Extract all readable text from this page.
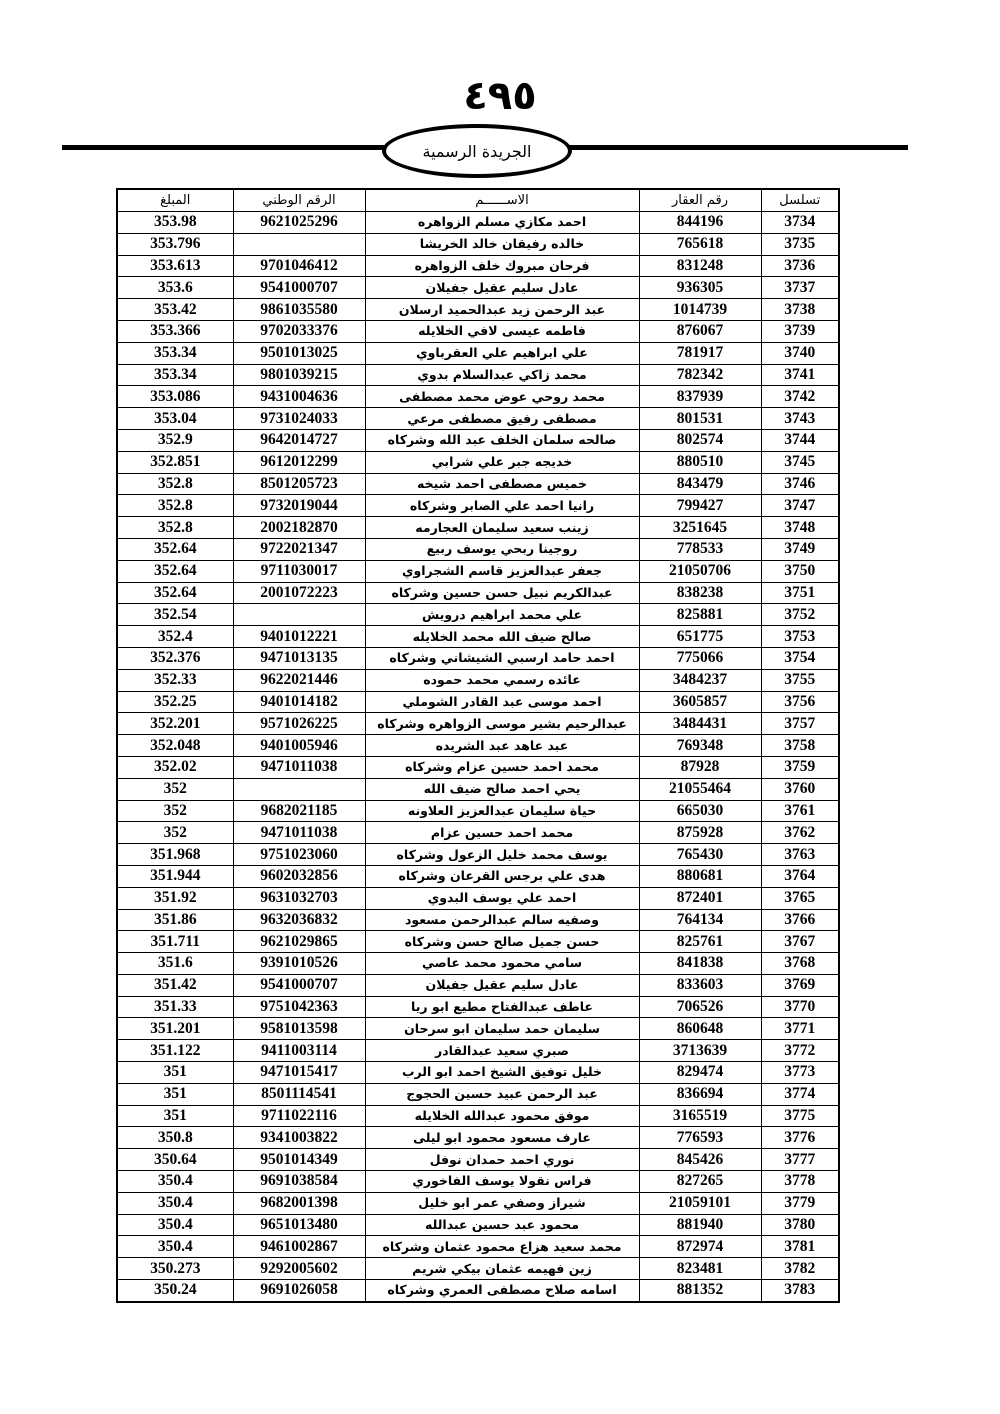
٤٩٥
الجريدة الرسمية
تسلسل	رقم العقار	الاســــــم	الرقم الوطني	المبلغ
3734	844196	احمد مكازي مسلم الزواهره	9621025296	353.98
3735	765618	خالده رفيقان خالد الخريشا		353.796
3736	831248	فرحان مبروك خلف الزواهره	9701046412	353.613
3737	936305	عادل سليم عقيل جفيلان	9541000707	353.6
3738	1014739	عبد الرحمن زيد عبدالحميد ارسلان	9861035580	353.42
3739	876067	فاطمه عيسى لافي الخلايله	9702033376	353.366
3740	781917	علي ابراهيم علي العقرباوي	9501013025	353.34
3741	782342	محمد زاكي عبدالسلام بدوي	9801039215	353.34
3742	837939	محمد روحي عوض محمد مصطفى	9431004636	353.086
3743	801531	مصطفى رفيق مصطفى مرعي	9731024033	353.04
3744	802574	صالحه سلمان الخلف عبد الله وشركاه	9642014727	352.9
3745	880510	خديجه جبر علي شرابي	9612012299	352.851
3746	843479	خميس مصطفى احمد شيخه	8501205723	352.8
3747	799427	رانيا احمد علي الصابر وشركاه	9732019044	352.8
3748	3251645	زينب سعيد سليمان العجارمه	2002182870	352.8
3749	778533	روجينا ربحي يوسف ربيع	9722021347	352.64
3750	21050706	جعفر عبدالعزيز قاسم الشجراوي	9711030017	352.64
3751	838238	عبدالكريم نبيل حسن حسين وشركاه	2001072223	352.64
3752	825881	علي محمد ابراهيم درويش		352.54
3753	651775	صالح ضيف الله محمد الخلايله	9401012221	352.4
3754	775066	احمد حامد ارسبي الشيشاني وشركاه	9471013135	352.376
3755	3484237	عائده رسمي محمد حموده	9622021446	352.33
3756	3605857	احمد موسى عبد القادر الشوملي	9401014182	352.25
3757	3484431	عبدالرحيم بشير موسى الزواهره وشركاه	9571026225	352.201
3758	769348	عبد عاهد عبد الشريده	9401005946	352.048
3759	87928	محمد احمد حسين عزام وشركاه	9471011038	352.02
3760	21055464	يحي احمد صالح ضيف الله		352
3761	665030	حياة سليمان عبدالعزيز العلاونه	9682021185	352
3762	875928	محمد احمد حسين عزام	9471011038	352
3763	765430	يوسف محمد خليل الزعول وشركاه	9751023060	351.968
3764	880681	هدى علي برجس القرعان وشركاه	9602032856	351.944
3765	872401	احمد علي يوسف البدوي	9631032703	351.92
3766	764134	وصفيه سالم عبدالرحمن مسعود	9632036832	351.86
3767	825761	حسن جميل صالح حسن وشركاه	9621029865	351.711
3768	841838	سامي محمود محمد عاصي	9391010526	351.6
3769	833603	عادل سليم عقيل جفيلان	9541000707	351.42
3770	706526	عاطف عبدالفتاح مطيع ابو ريا	9751042363	351.33
3771	860648	سليمان حمد سليمان ابو سرحان	9581013598	351.201
3772	3713639	صبري سعيد عبدالقادر	9411003114	351.122
3773	829474	خليل توفيق الشيخ احمد ابو الرب	9471015417	351
3774	836694	عبد الرحمن عبيد حسين الحجوج	8501114541	351
3775	3165519	موفق محمود عبدالله الخلايله	9711022116	351
3776	776593	عارف مسعود محمود ابو ليلى	9341003822	350.8
3777	845426	نوري احمد حمدان نوفل	9501014349	350.64
3778	827265	فراس نقولا يوسف الفاخوري	9691038584	350.4
3779	21059101	شيراز وصفي عمر ابو خليل	9682001398	350.4
3780	881940	محمود عبد حسين عبدالله	9651013480	350.4
3781	872974	محمد سعيد هزاع محمود عثمان وشركاه	9461002867	350.4
3782	823481	زين فهيمه عثمان بيكي شريم	9292005602	350.273
3783	881352	اسامه صلاح مصطفى العمري وشركاه	9691026058	350.24
